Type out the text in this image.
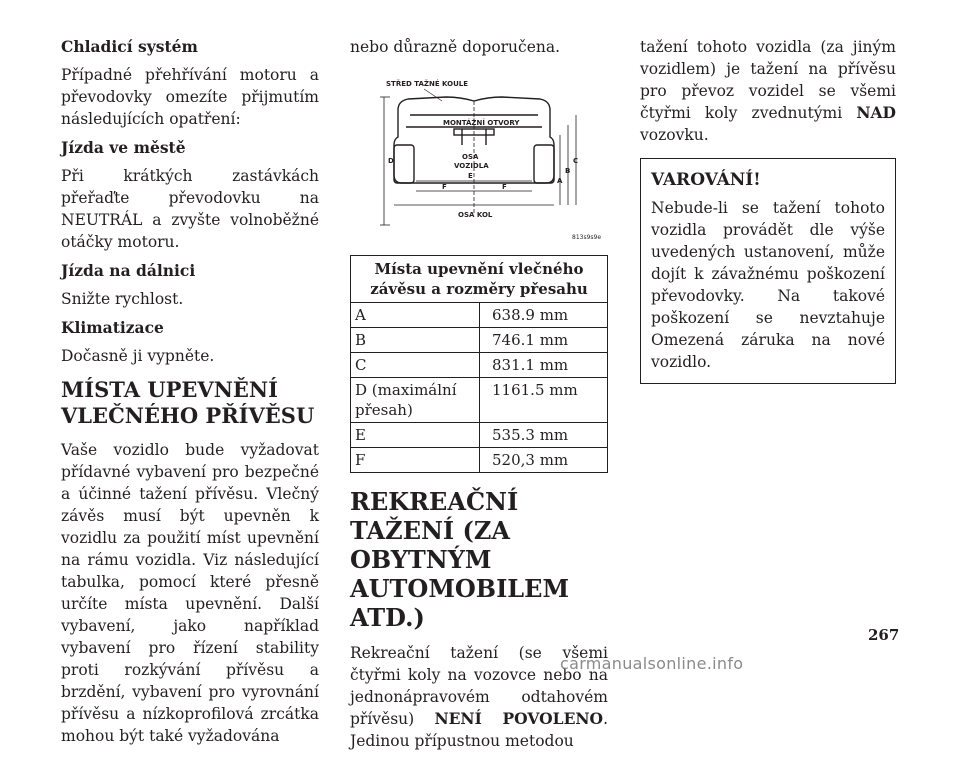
Chladicí systém

Případné přehřívání motoru a převodovky omezíte přijmutím následujících opatření:

Jízda ve městě

Při krátkých zastávkách přeřaďte převodovku na NEUTRÁL a zvyšte volnoběžné otáčky motoru.

Jízda na dálnici

Snižte rychlost.

Klimatizace

Dočasně ji vypněte.

MÍSTA UPEVNĚNÍ VLEČNÉHO PŘÍVĚSU

Vaše vozidlo bude vyžadovat přídavné vybavení pro bezpečné a účinné tažení přívěsu. Vlečný závěs musí být upevněn k vozidlu za použití míst upevnění na rámu vozidla. Viz následující tabulka, pomocí které přesně určíte místa upevnění. Další vybavení, jako například vybavení pro řízení stability proti rozkývání přívěsu a brzdění, vybavení pro vyrovnání přívěsu a nízkoprofilová zrcátka mohou být také vyžadována

nebo důrazně doporučena.

STŘED TAŽNÉ KOULE
MONTÁŽNÍ OTVORY
OSA
VOZIDLA
OSA KOL
D
A
B
C
E
F	F
813s9s9e
Místa upevnění vlečného závěsu a rozměry přesahu	
A	638.9 mm
B	746.1 mm
C	831.1 mm
D (maximální přesah)	1161.5 mm
E	535.3 mm
F	520,3 mm
REKREAČNÍ TAŽENÍ (ZA OBYTNÝM AUTOMOBILEM ATD.)

Rekreační tažení (se všemi čtyřmi koly na vozovce nebo na jednonápravovém odtahovém přívěsu) NENÍ POVOLENO. Jedinou přípustnou metodou

tažení tohoto vozidla (za jiným vozidlem) je tažení na přívěsu pro převoz vozidel se všemi čtyřmi koly zvednutými NAD vozovku.

VAROVÁNÍ!

Nebude-li se tažení tohoto vozidla provádět dle výše uvedených ustanovení, může dojít k závažnému poškození převodovky. Na takové poškození se nevztahuje Omezená záruka na nové vozidlo.

267
carmanualsonline.info
